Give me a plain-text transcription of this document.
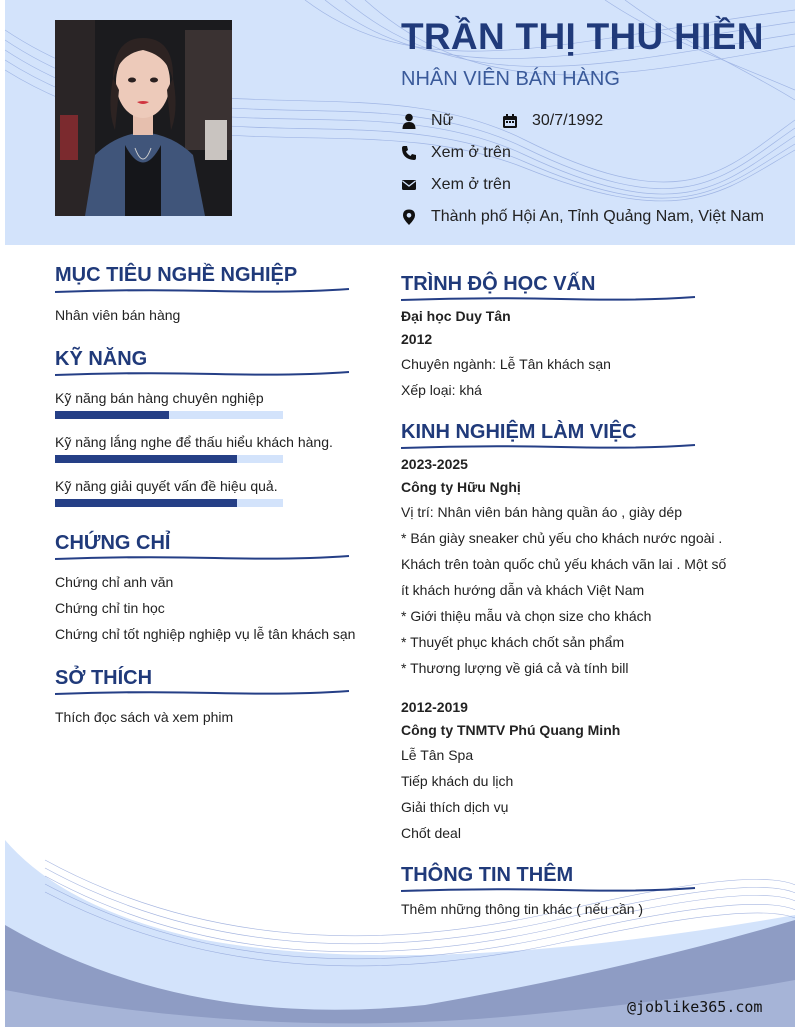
TRẦN THỊ THU HIỀN
NHÂN VIÊN BÁN HÀNG
Nữ	30/7/1992
Xem ở trên
Xem ở trên
Thành phố Hội An, Tỉnh Quảng Nam, Việt Nam
@joblike365.com
MỤC TIÊU NGHỀ NGHIỆP
Nhân viên bán hàng
KỸ NĂNG
Kỹ năng bán hàng chuyên nghiệp
Kỹ năng lắng nghe để thấu hiểu khách hàng.
Kỹ năng giải quyết vấn đề hiệu quả.
CHỨNG CHỈ
Chứng chỉ anh văn
Chứng chỉ tin học
Chứng chỉ tốt nghiệp nghiệp vụ lễ tân khách sạn
SỞ THÍCH
Thích đọc sách và xem phim
TRÌNH ĐỘ HỌC VẤN
Đại học Duy Tân
2012
Chuyên ngành: Lễ Tân khách sạn
Xếp loại: khá
KINH NGHIỆM LÀM VIỆC
2023-2025
Công ty Hữu Nghị
Vị trí: Nhân viên bán hàng quần áo , giày dép
* Bán giày sneaker chủ yếu cho khách nước ngoài .
Khách trên toàn quốc chủ yếu khách vãn lai . Một số
ít khách hướng dẫn và khách Việt Nam
* Giới thiệu mẫu và chọn size cho khách
* Thuyết phục khách chốt sản phẩm
* Thương lượng về giá cả và tính bill
2012-2019
Công ty TNMTV Phú Quang Minh
Lễ Tân Spa
Tiếp khách du lịch
Giải thích dịch vụ
Chốt deal
THÔNG TIN THÊM
Thêm những thông tin khác ( nếu cần )
